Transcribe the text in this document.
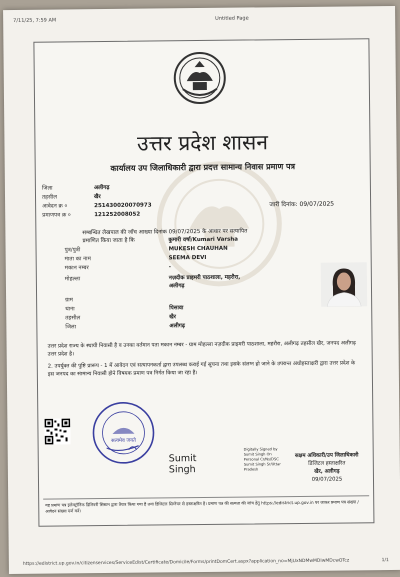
7/11/25, 7:59 AM	Untitled Page
उत्तर प्रदेश शासन
कार्यालय उप जिलाधिकारी द्वारा प्रदत्त सामान्य निवास प्रमाण पत्र
जिला	अलीगढ़
तहसील	खैर
आवेदन क्र ०	251430020070973
प्रमाणपत्र क्र ०	121252008052
जारी दिनांक: 09/07/2025
सम्बन्धित लेखपाल की जाँच आख्या दिनांक 09/07/2025 के आधार पर सत्यापित
प्रमाणित किया जाता है कि	कुमारी वर्षा/Kumari Varsha
पुत्र/पुत्री	MUKESH CHAUHAN
माता का नाम	SEEMA DEVI
मकान नम्बर	-
मोहल्ला	नज़दीक प्राइमरी पाठशाला, महरौरा,
अलीगढ़
ग्राम
थाना	पिसावा
तहसील	खैर
जिला	अलीगढ़
उत्तर प्रदेश राज्य के स्थायी निवासी है व उनका वर्तमान पता मकान नम्बर - ग्राम मोहल्ला नज़दीक प्राइमरी पाठशाला, महरौरा, अलीगढ़ तहसील खैर, जनपद अलीगढ़ उत्तर प्रदेश है।
2. उपर्युक्त की पुष्टि प्रारूप - 1 में आवेदन एवं सत्यापनकर्ता द्वारा उपलब्ध कराई गई सूचना तथा इसके संलग्न हो जाने के उपरान्त अधोहस्ताक्षरी द्वारा उत्तर प्रदेश के इस जनपद का सामान्य निवासी होने विषयक प्रमाण पत्र निर्गत किया जा रहा है।
सत्यमेव जयते
Sumit
Singh
Digitally Signed by Sumit Singh On Personal Cr/Ns/DSC Sumit Singh Sr/Uttar Pradesh
सक्षम अधिकारी/उप जिलाधिकारी
डिजिटल हस्ताक्षरित
खैर, अलीगढ़
09/07/2025
यह प्रमाण पत्र इलेक्ट्रॉनिक डिलिवरी सिस्टम द्वारा तैयार किया गया है तथा डिजिटल सिग्नेचर से हस्ताक्षरित है। प्रमाण पत्र की सत्यता की जांच हेतु https://edistrict.up.gov.in पर जाकर प्रमाण पत्र संख्या / आवेदन संख्या दर्ज करें।
https://edistrict.up.gov.in/citizenservices/ServiceEdist/Certificate/Domicile/Forms/printDomCert.aspx?application_no=MjUxNDMwMDIwMDcwOTcz	1/1
